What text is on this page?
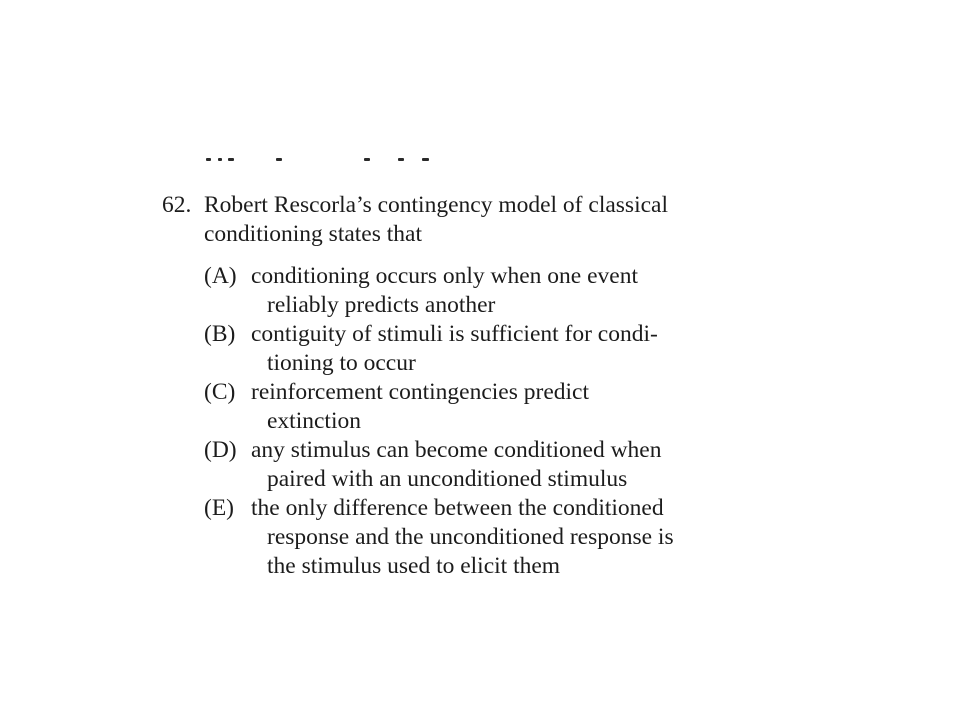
62. Robert Rescorla’s contingency model of classical
conditioning states that
(A) conditioning occurs only when one event
reliably predicts another
(B) contiguity of stimuli is sufficient for condi-
tioning to occur
(C) reinforcement contingencies predict
extinction
(D) any stimulus can become conditioned when
paired with an unconditioned stimulus
(E) the only difference between the conditioned
response and the unconditioned response is
the stimulus used to elicit them
